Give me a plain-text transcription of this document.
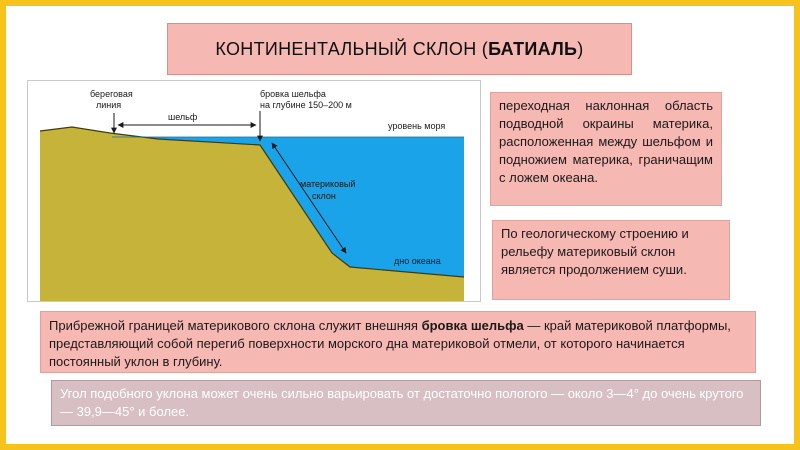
КОНТИНЕНТАЛЬНЫЙ СКЛОН ( БАТИАЛЬ )
береговая
линия
шельф
бровка шельфа
на глубине 150–200 м
уровень моря
материковый
склон
дно океана
переходная наклонная область подводной окраины материка, расположенная между шельфом и подножием материка, граничащим с ложем океана.
По геологическому строению и рельефу материковый склон является продолжением суши.
Прибрежной границей материкового склона служит внешняя бровка шельфа — край материковой платформы, представляющий собой перегиб поверхности морского дна материковой отмели, от которого начинается постоянный уклон в глубину.
Угол подобного уклона может очень сильно варьировать от достаточно пологого — около 3—4° до очень крутого — 39,9—45° и более.
